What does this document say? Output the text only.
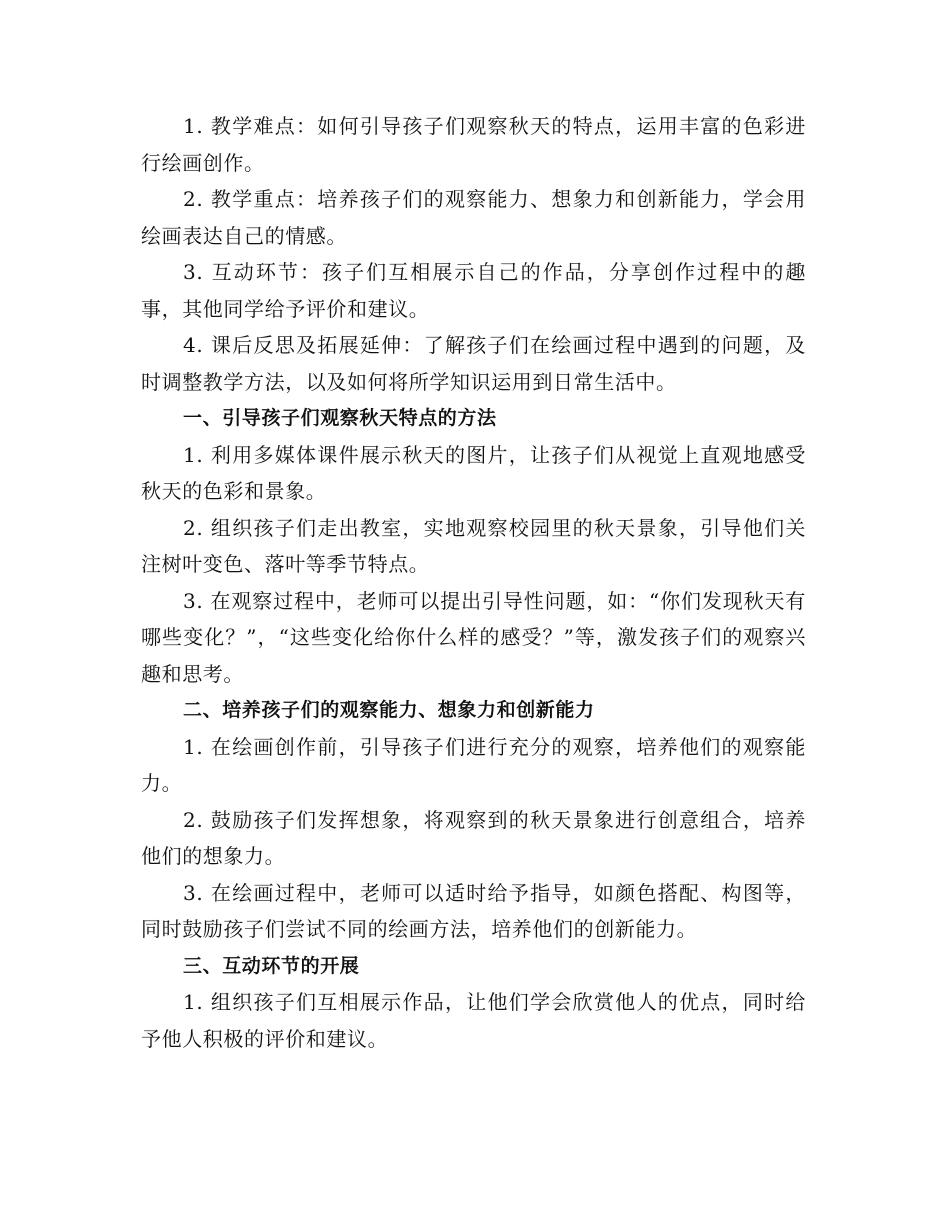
1. 教学难点：如何引导孩子们观察秋天的特点，运用丰富的色彩进行绘画创作。

2. 教学重点：培养孩子们的观察能力、想象力和创新能力，学会用绘画表达自己的情感。

3. 互动环节：孩子们互相展示自己的作品，分享创作过程中的趣事，其他同学给予评价和建议。

4. 课后反思及拓展延伸：了解孩子们在绘画过程中遇到的问题，及时调整教学方法，以及如何将所学知识运用到日常生活中。

一、引导孩子们观察秋天特点的方法

1. 利用多媒体课件展示秋天的图片，让孩子们从视觉上直观地感受秋天的色彩和景象。

2. 组织孩子们走出教室，实地观察校园里的秋天景象，引导他们关注树叶变色、落叶等季节特点。

3. 在观察过程中，老师可以提出引导性问题，如：“你们发现秋天有哪些变化？”，“这些变化给你什么样的感受？”等，激发孩子们的观察兴趣和思考。

二、培养孩子们的观察能力、想象力和创新能力

1. 在绘画创作前，引导孩子们进行充分的观察，培养他们的观察能力。

2. 鼓励孩子们发挥想象，将观察到的秋天景象进行创意组合，培养他们的想象力。

3. 在绘画过程中，老师可以适时给予指导，如颜色搭配、构图等，同时鼓励孩子们尝试不同的绘画方法，培养他们的创新能力。

三、互动环节的开展

1. 组织孩子们互相展示作品，让他们学会欣赏他人的优点，同时给予他人积极的评价和建议。
